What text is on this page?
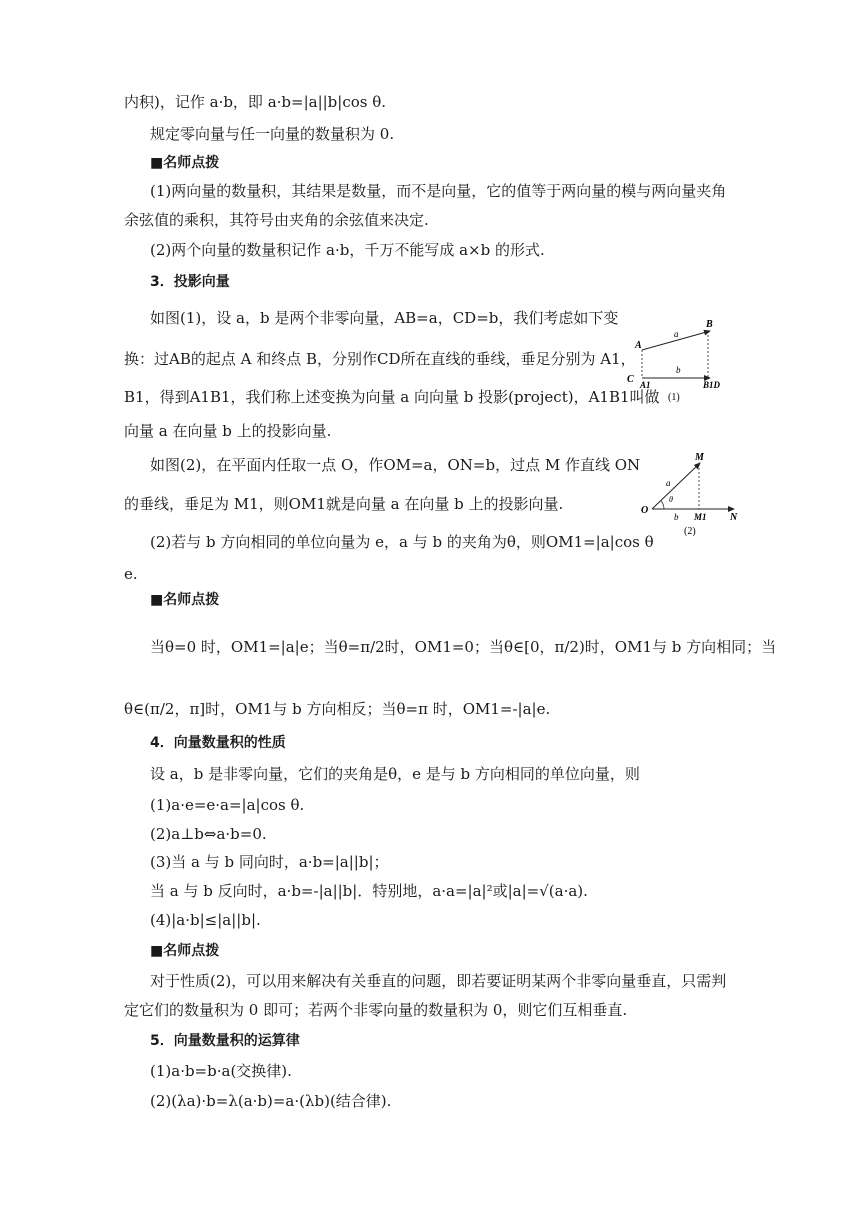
内积)，记作 a·b，即 a·b=|a||b|cos θ.
规定零向量与任一向量的数量积为 0.
■名师点拨
(1)两向量的数量积，其结果是数量，而不是向量，它的值等于两向量的模与两向量夹角
余弦值的乘积，其符号由夹角的余弦值来决定.
(2)两个向量的数量积记作 a·b，千万不能写成 a×b 的形式.
3．投影向量
如图(1)，设 a，b 是两个非零向量，AB=a，CD=b，我们考虑如下变
换：过AB的起点 A 和终点 B，分别作CD所在直线的垂线，垂足分别为 A1，
B1，得到A1B1，我们称上述变换为向量 a 向向量 b 投影(project)，A1B1叫做
向量 a 在向量 b 上的投影向量.
如图(2)，在平面内任取一点 O，作OM=a，ON=b，过点 M 作直线 ON
的垂线，垂足为 M1，则OM1就是向量 a 在向量 b 上的投影向量.
(2)若与 b 方向相同的单位向量为 e，a 与 b 的夹角为θ，则OM1=|a|cos θ
e.
■名师点拨
当θ=0 时，OM1=|a|e；当θ=π/2时，OM1=0；当θ∈[0，π/2)时，OM1与 b 方向相同；当
θ∈(π/2，π]时，OM1与 b 方向相反；当θ=π 时，OM1=-|a|e.
4．向量数量积的性质
设 a，b 是非零向量，它们的夹角是θ，e 是与 b 方向相同的单位向量，则
(1)a·e=e·a=|a|cos θ.
(2)a⊥b⇔a·b=0.
(3)当 a 与 b 同向时，a·b=|a||b|；
当 a 与 b 反向时，a·b=-|a||b|．特别地，a·a=|a|²或|a|=√(a·a).
(4)|a·b|≤|a||b|.
■名师点拨
对于性质(2)，可以用来解决有关垂直的问题，即若要证明某两个非零向量垂直，只需判
定它们的数量积为 0 即可；若两个非零向量的数量积为 0，则它们互相垂直.
5．向量数量积的运算律
(1)a·b=b·a(交换律).
(2)(λa)·b=λ(a·b)=a·(λb)(结合律).
A
B
C A1	B1D
a
b
(1)
M
O
a
θ
b M1 N
(2)
